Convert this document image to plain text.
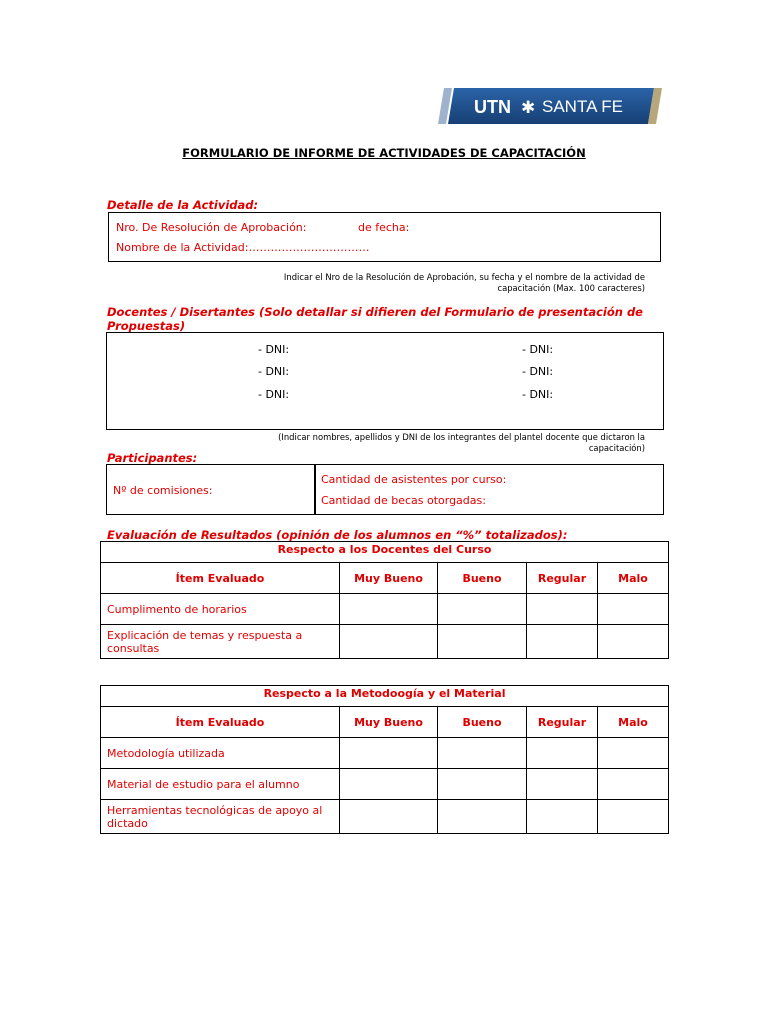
UTN ✱ SANTA FE
FORMULARIO DE INFORME DE ACTIVIDADES DE CAPACITACIÓN
Detalle de la Actividad:
Nro. De Resolución de Aprobación:	de fecha:
Nombre de la Actividad:……………………………
Indicar el Nro de la Resolución de Aprobación, su fecha y el nombre de la actividad de
capacitación (Max. 100 caracteres)
Docentes / Disertantes (Solo detallar si difieren del Formulario de presentación de
Propuestas)
- DNI:	- DNI:
- DNI:	- DNI:
- DNI:	- DNI:
(Indicar nombres, apellidos y DNI de los integrantes del plantel docente que dictaron la
capacitación)
Participantes:
Nº de comisiones:
Cantidad de asistentes por curso:
Cantidad de becas otorgadas:
Evaluación de Resultados (opinión de los alumnos en “%” totalizados):
Respecto a los Docentes del Curso				
Ítem Evaluado	Muy Bueno	Bueno	Regular	Malo
Cumplimento de horarios				
Explicación de temas y respuesta a consultas				
Respecto a la Metodoogía y el Material				
Ítem Evaluado	Muy Bueno	Bueno	Regular	Malo
Metodología utilizada				
Material de estudio para el alumno				
Herramientas tecnológicas de apoyo al dictado				
